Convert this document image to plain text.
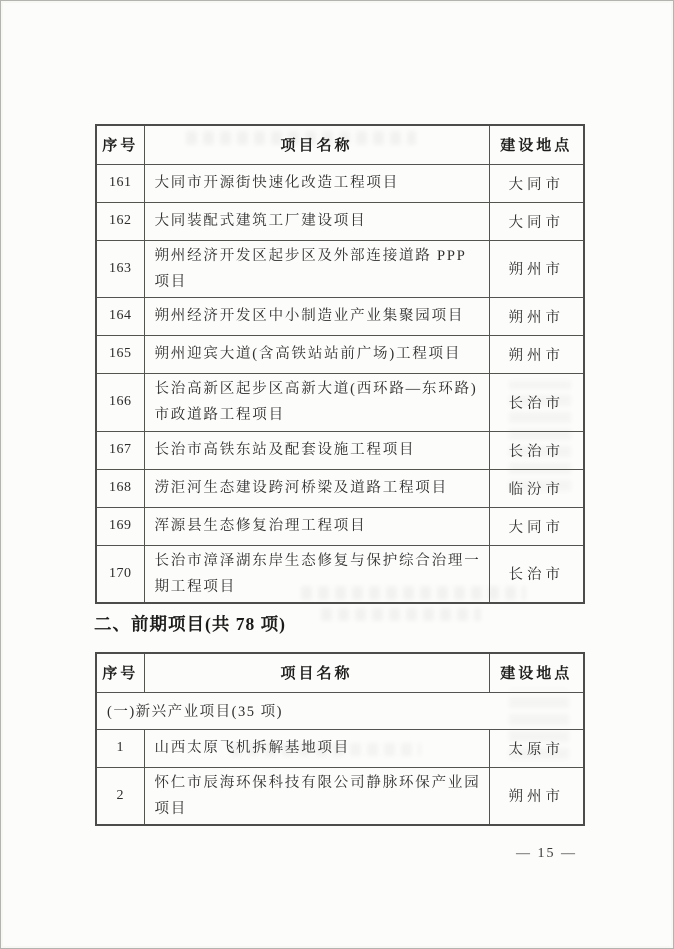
序号	项目名称	建设地点
161	大同市开源街快速化改造工程项目	大同市
162	大同装配式建筑工厂建设项目	大同市
163	朔州经济开发区起步区及外部连接道路 PPP 项目	朔州市
164	朔州经济开发区中小制造业产业集聚园项目	朔州市
165	朔州迎宾大道(含高铁站站前广场)工程项目	朔州市
166	长治高新区起步区高新大道(西环路—东环路)市政道路工程项目	长治市
167	长治市高铁东站及配套设施工程项目	长治市
168	涝洰河生态建设跨河桥梁及道路工程项目	临汾市
169	浑源县生态修复治理工程项目	大同市
170	长治市漳泽湖东岸生态修复与保护综合治理一期工程项目	长治市
二、前期项目(共 78 项)
序号	项目名称	建设地点
(一)新兴产业项目(35 项)		
1	山西太原飞机拆解基地项目	太原市
2	怀仁市辰海环保科技有限公司静脉环保产业园项目	朔州市
— 15 —
